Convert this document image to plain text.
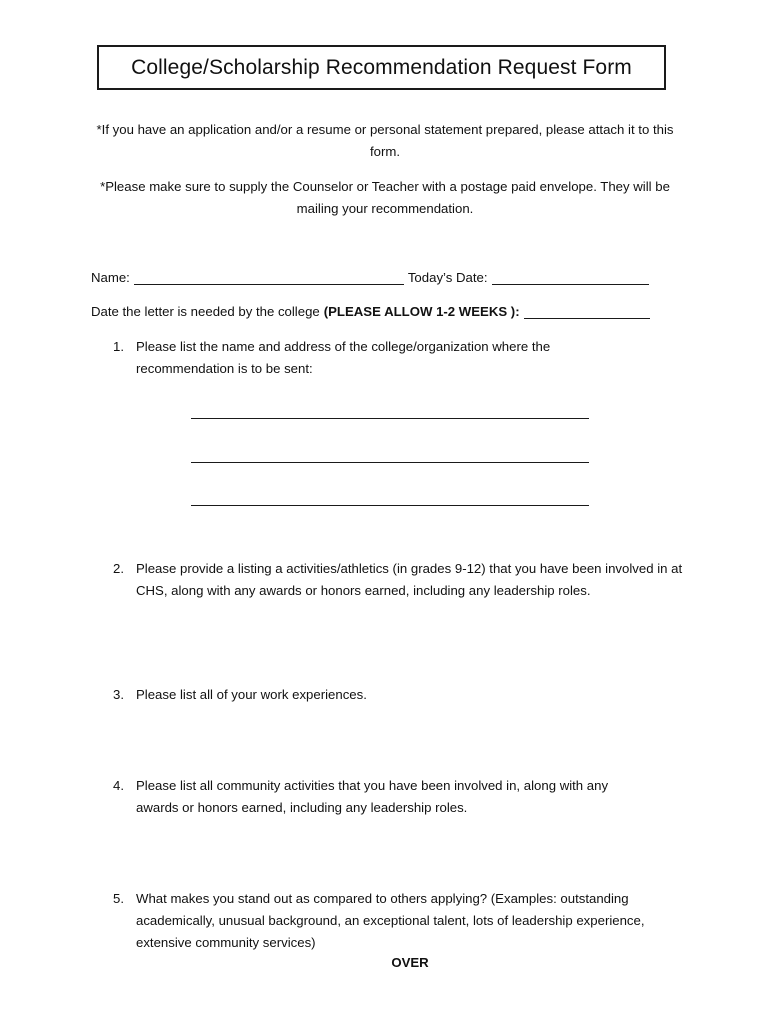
College/Scholarship Recommendation Request Form
*If you have an application and/or a resume or personal statement prepared, please attach it to this form.
*Please make sure to supply the Counselor or Teacher with a postage paid envelope. They will be mailing your recommendation.
Name:	Today’s Date:
Date the letter is needed by the college (PLEASE ALLOW 1-2 WEEKS ):
1. Please list the name and address of the college/organization where the recommendation is to be sent:
2. Please provide a listing a activities/athletics (in grades 9-12) that you have been involved in at CHS, along with any awards or honors earned, including any leadership roles.
3. Please list all of your work experiences.
4. Please list all community activities that you have been involved in, along with any awards or honors earned, including any leadership roles.
5. What makes you stand out as compared to others applying? (Examples: outstanding academically, unusual background, an exceptional talent, lots of leadership experience, extensive community services)
OVER
